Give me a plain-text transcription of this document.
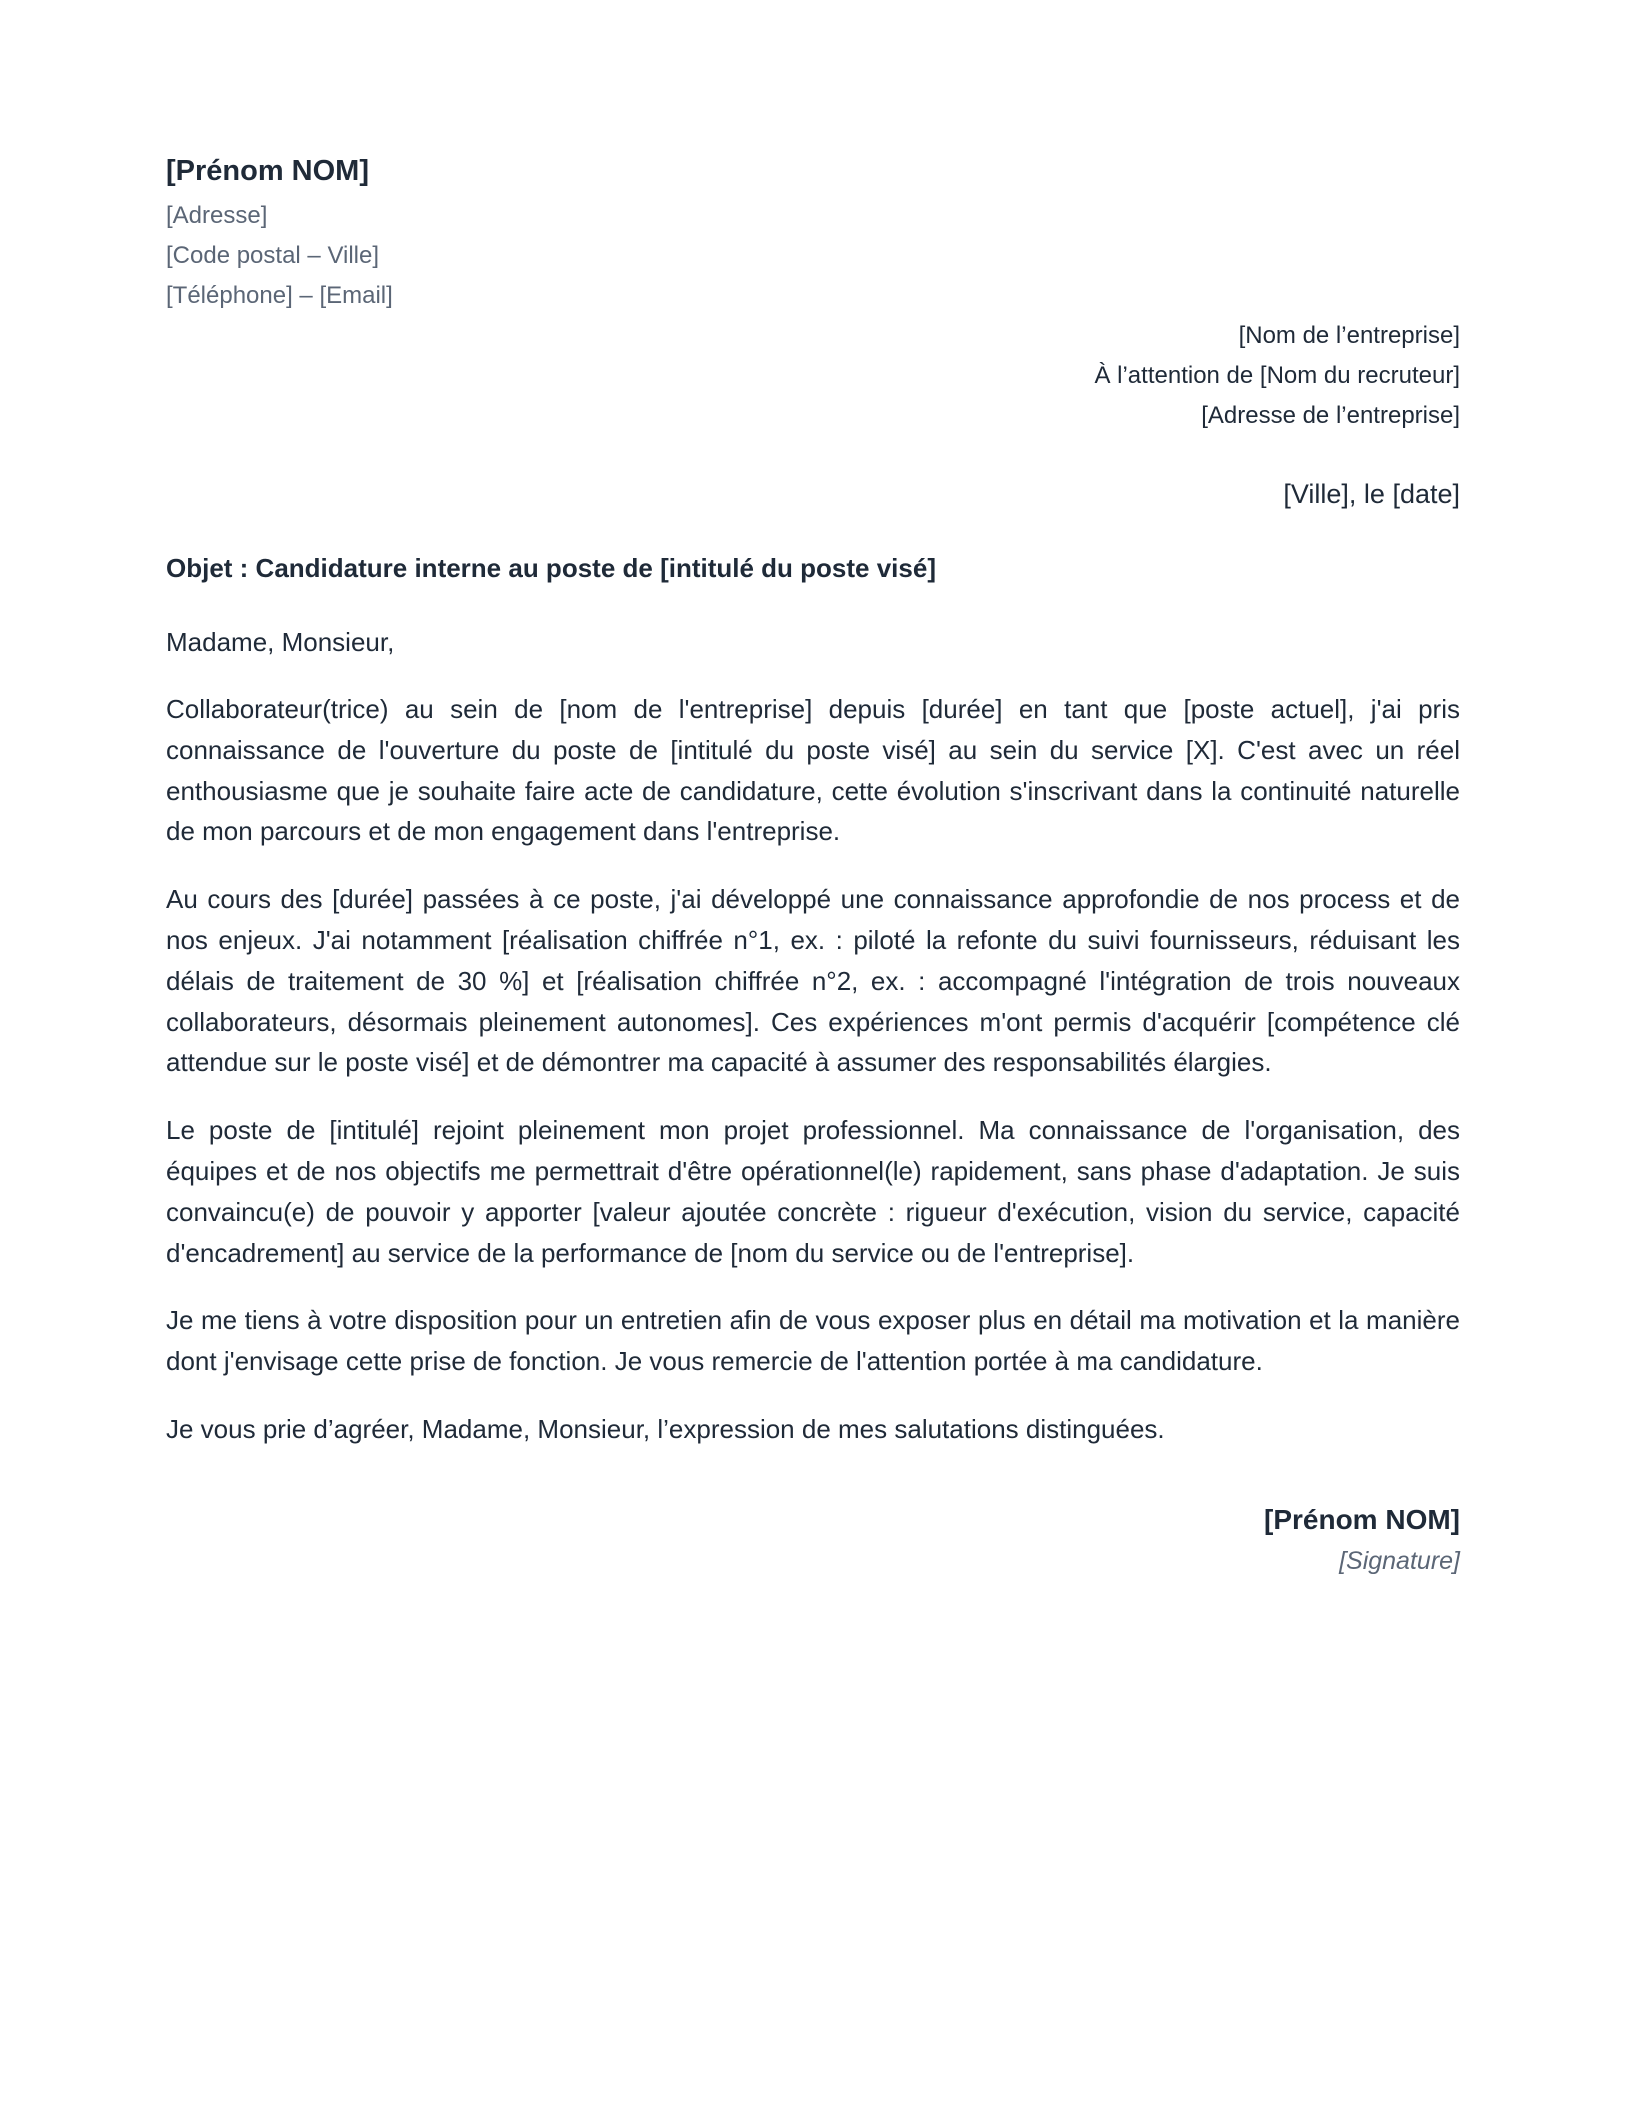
[Prénom NOM]
[Adresse]
[Code postal – Ville]
[Téléphone] – [Email]
[Nom de l’entreprise]
À l’attention de [Nom du recruteur]
[Adresse de l’entreprise]
[Ville], le [date]
Objet : Candidature interne au poste de [intitulé du poste visé]
Madame, Monsieur,
Collaborateur(trice) au sein de [nom de l'entreprise] depuis [durée] en tant que [poste actuel], j'ai pris connaissance de l'ouverture du poste de [intitulé du poste visé] au sein du service [X]. C'est avec un réel enthousiasme que je souhaite faire acte de candidature, cette évolution s'inscrivant dans la continuité naturelle de mon parcours et de mon engagement dans l'entreprise.
Au cours des [durée] passées à ce poste, j'ai développé une connaissance approfondie de nos process et de nos enjeux. J'ai notamment [réalisation chiffrée n°1, ex. : piloté la refonte du suivi fournisseurs, réduisant les délais de traitement de 30 %] et [réalisation chiffrée n°2, ex. : accompagné l'intégration de trois nouveaux collaborateurs, désormais pleinement autonomes]. Ces expériences m'ont permis d'acquérir [compétence clé attendue sur le poste visé] et de démontrer ma capacité à assumer des responsabilités élargies.
Le poste de [intitulé] rejoint pleinement mon projet professionnel. Ma connaissance de l'organisation, des équipes et de nos objectifs me permettrait d'être opérationnel(le) rapidement, sans phase d'adaptation. Je suis convaincu(e) de pouvoir y apporter [valeur ajoutée concrète : rigueur d'exécution, vision du service, capacité d'encadrement] au service de la performance de [nom du service ou de l'entreprise].
Je me tiens à votre disposition pour un entretien afin de vous exposer plus en détail ma motivation et la manière dont j'envisage cette prise de fonction. Je vous remercie de l'attention portée à ma candidature.
Je vous prie d’agréer, Madame, Monsieur, l’expression de mes salutations distinguées.
[Prénom NOM]
[Signature]
